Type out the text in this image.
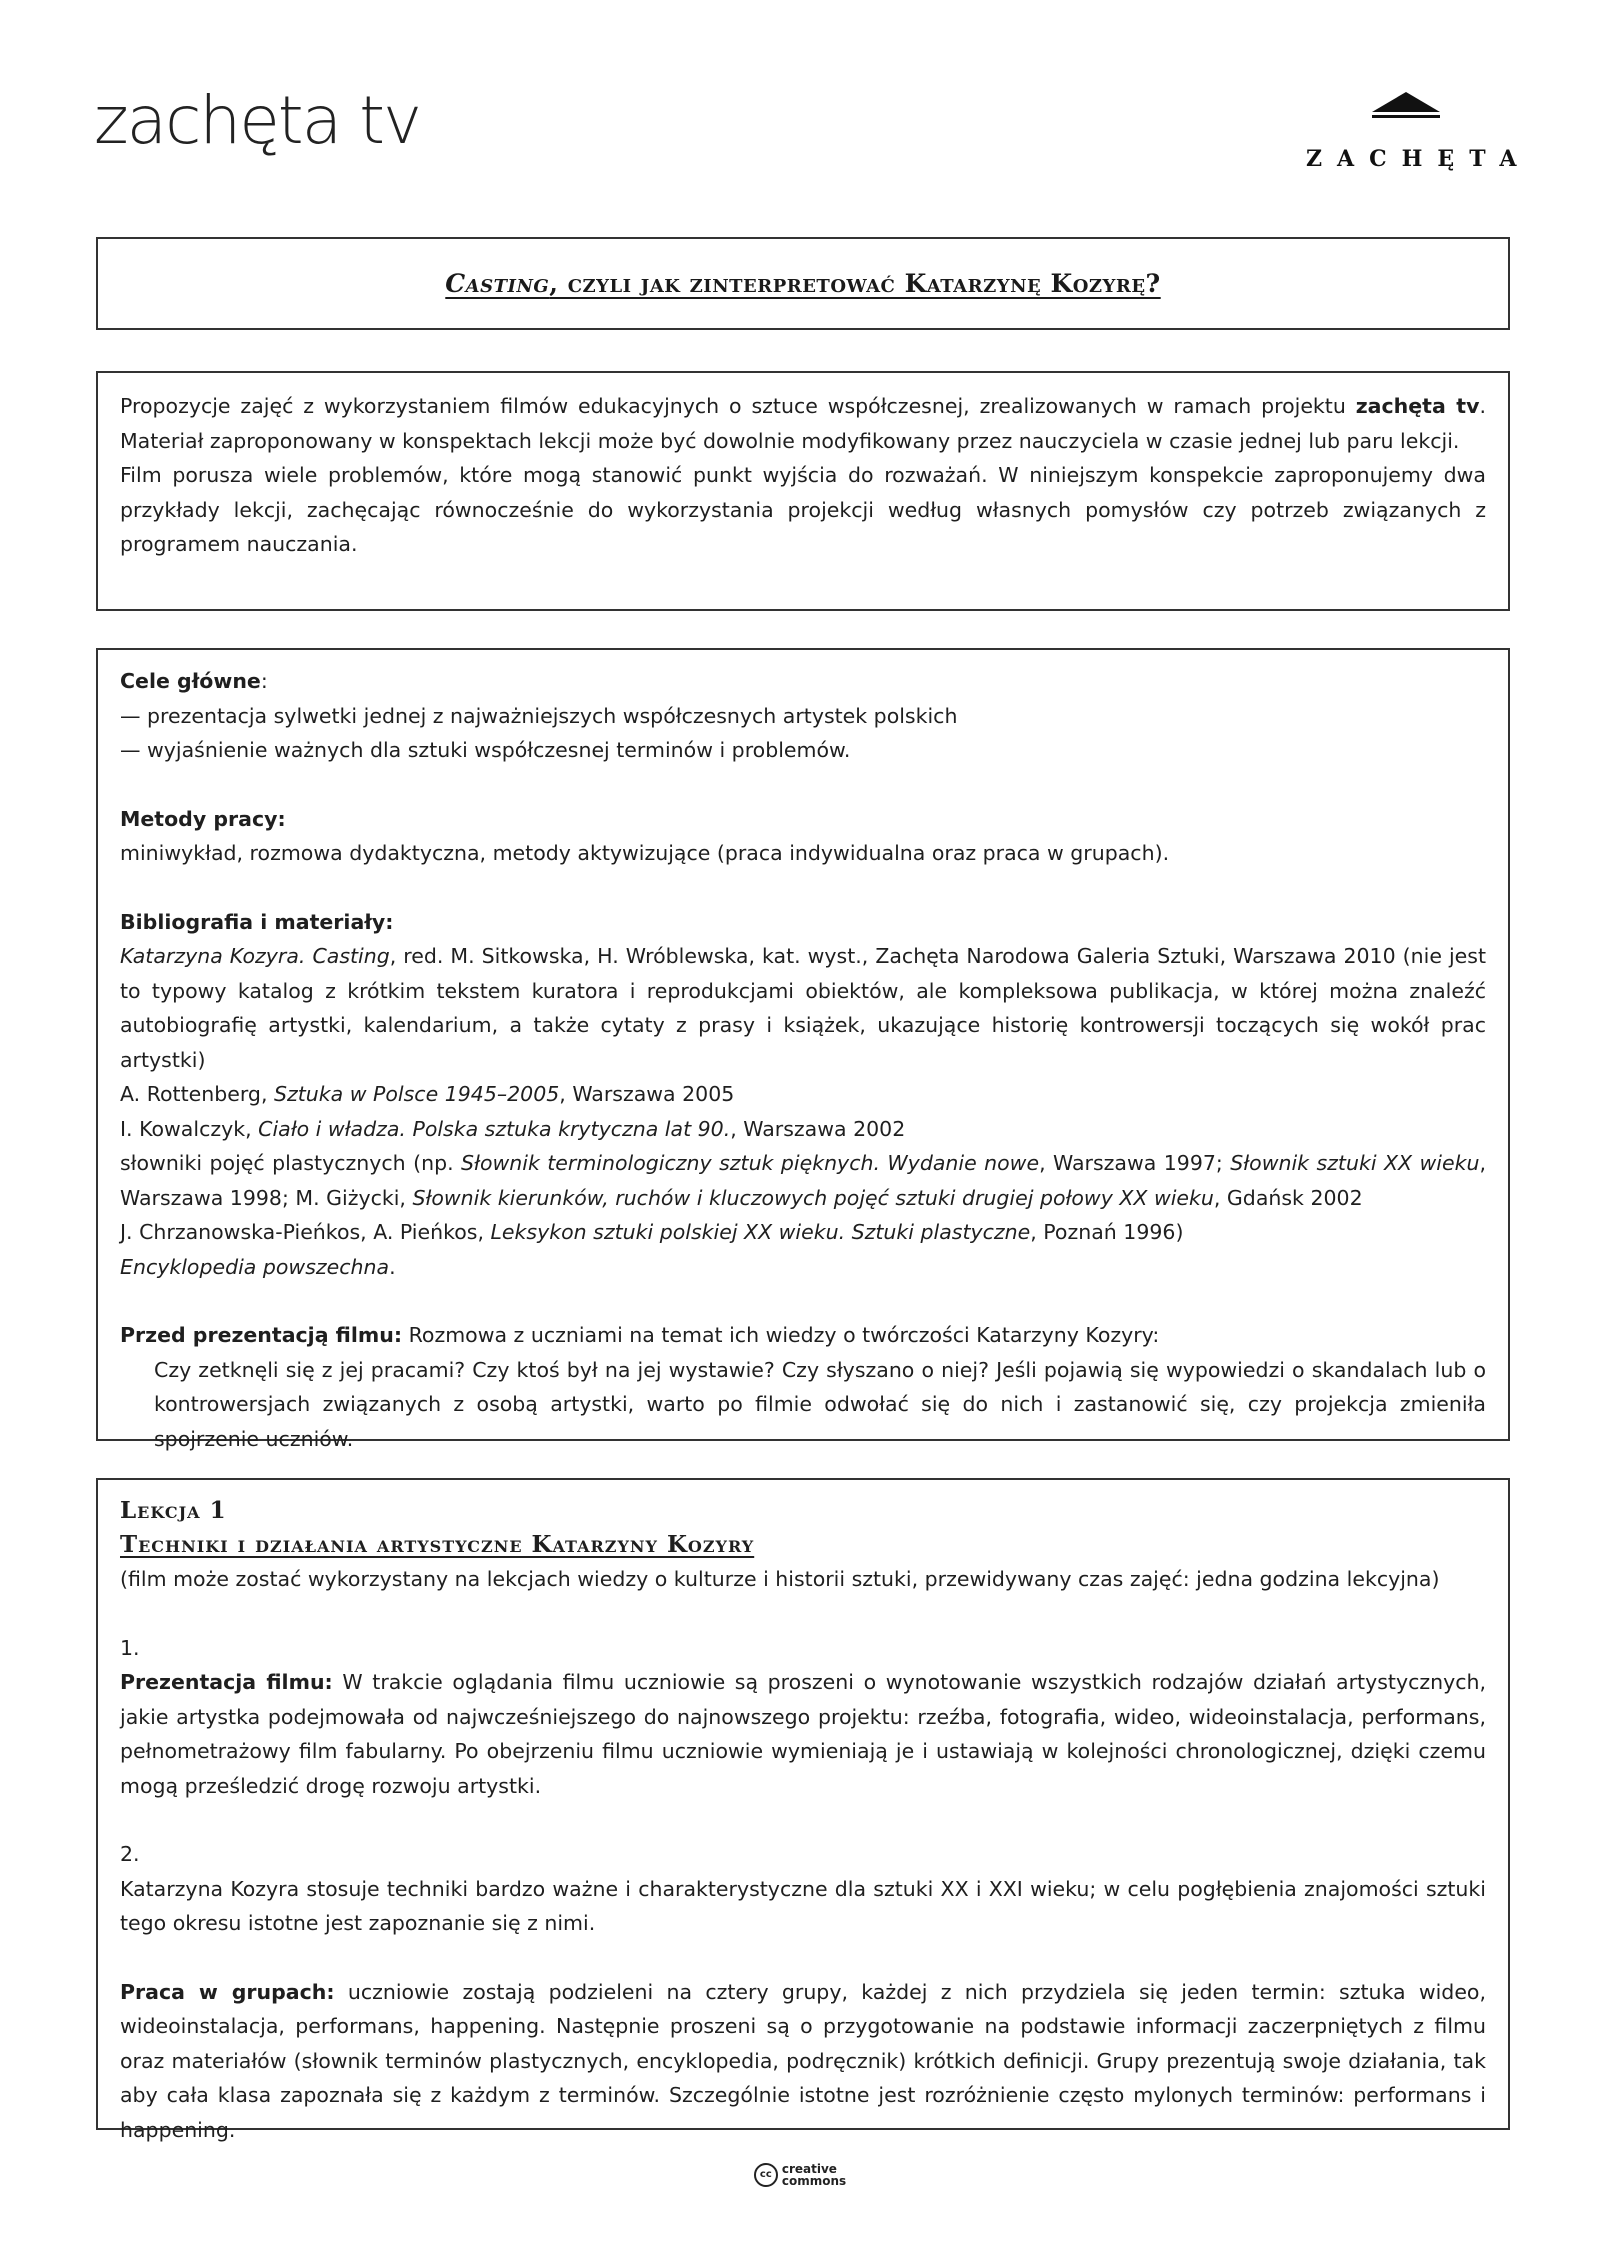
zachęta tv	ZACHĘTA
Casting, czyli jak zinterpretować Katarzynę Kozyrę?

Propozycje zajęć z wykorzystaniem filmów edukacyjnych o sztuce współczesnej, zrealizowanych w ramach projektu zachęta tv. Materiał zaproponowany w konspektach lekcji może być dowolnie modyfikowany przez nauczyciela w czasie jednej lub paru lekcji.

Film porusza wiele problemów, które mogą stanowić punkt wyjścia do rozważań. W niniejszym konspekcie zaproponujemy dwa przykłady lekcji, zachęcając równocześnie do wykorzystania projekcji według własnych pomysłów czy potrzeb związanych z programem nauczania.

Cele główne:

— prezentacja sylwetki jednej z najważniejszych współczesnych artystek polskich

— wyjaśnienie ważnych dla sztuki współczesnej terminów i problemów.

Metody pracy:

miniwykład, rozmowa dydaktyczna, metody aktywizujące (praca indywidualna oraz praca w grupach).

Bibliografia i materiały:

Katarzyna Kozyra. Casting, red. M. Sitkowska, H. Wróblewska, kat. wyst., Zachęta Narodowa Galeria Sztuki, Warszawa 2010 (nie jest to typowy katalog z krótkim tekstem kuratora i reprodukcjami obiektów, ale kompleksowa publikacja, w której można znaleźć autobiografię artystki, kalendarium, a także cytaty z prasy i książek, ukazujące historię kontrowersji toczących się wokół prac artystki)

A. Rottenberg, Sztuka w Polsce 1945–2005, Warszawa 2005

I. Kowalczyk, Ciało i władza. Polska sztuka krytyczna lat 90., Warszawa 2002

słowniki pojęć plastycznych (np. Słownik terminologiczny sztuk pięknych. Wydanie nowe, Warszawa 1997; Słownik sztuki XX wieku, Warszawa 1998; M. Giżycki, Słownik kierunków, ruchów i kluczowych pojęć sztuki drugiej połowy XX wieku, Gdańsk 2002

J. Chrzanowska-Pieńkos, A. Pieńkos, Leksykon sztuki polskiej XX wieku. Sztuki plastyczne, Poznań 1996)

Encyklopedia powszechna.

Przed prezentacją filmu: Rozmowa z uczniami na temat ich wiedzy o twórczości Katarzyny Kozyry:

Czy zetknęli się z jej pracami? Czy ktoś był na jej wystawie? Czy słyszano o niej? Jeśli pojawią się wypowiedzi o skandalach lub o kontrowersjach związanych z osobą artystki, warto po filmie odwołać się do nich i zastanowić się, czy projekcja zmieniła spojrzenie uczniów.

Lekcja 1

Techniki i działania artystyczne Katarzyny Kozyry

(film może zostać wykorzystany na lekcjach wiedzy o kulturze i historii sztuki, przewidywany czas zajęć: jedna godzina lekcyjna)

1.

Prezentacja filmu: W trakcie oglądania filmu uczniowie są proszeni o wynotowanie wszystkich rodzajów działań artystycznych, jakie artystka podejmowała od najwcześniejszego do najnowszego projektu: rzeźba, fotografia, wideo, wideoinstalacja, performans, pełnometrażowy film fabularny. Po obejrzeniu filmu uczniowie wymieniają je i ustawiają w kolejności chronologicznej, dzięki czemu mogą prześledzić drogę rozwoju artystki.

2.

Katarzyna Kozyra stosuje techniki bardzo ważne i charakterystyczne dla sztuki XX i XXI wieku; w celu pogłębienia znajomości sztuki tego okresu istotne jest zapoznanie się z nimi.

Praca w grupach: uczniowie zostają podzieleni na cztery grupy, każdej z nich przydziela się jeden termin: sztuka wideo, wideoinstalacja, performans, happening. Następnie proszeni są o przygotowanie na podstawie informacji zaczerpniętych z filmu oraz materiałów (słownik terminów plastycznych, encyklopedia, podręcznik) krótkich definicji. Grupy prezentują swoje działania, tak aby cała klasa zapoznała się z każdym z terminów. Szczególnie istotne jest rozróżnienie często mylonych terminów: performans i happening.

cc creative
commons
